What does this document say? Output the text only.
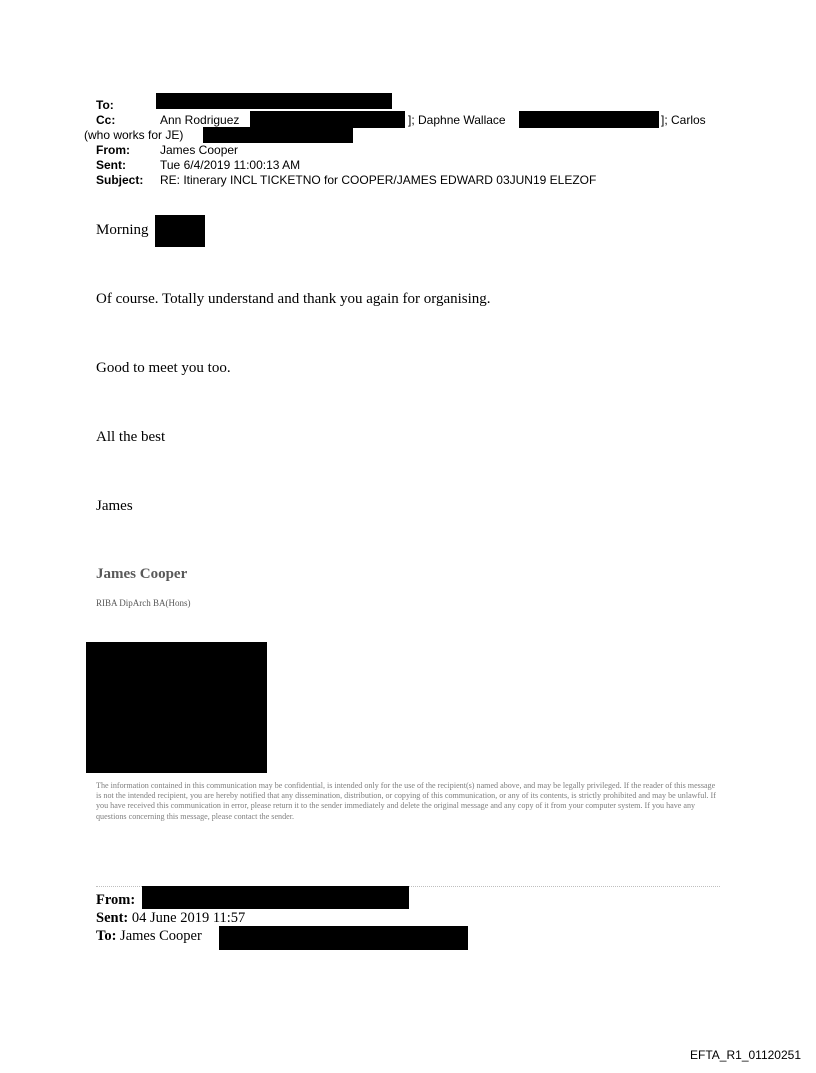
To:
Cc:	Ann Rodriguez	]; Daphne Wallace	]; Carlos
(who works for JE)
From:	James Cooper
Sent:	Tue 6/4/2019 11:00:13 AM
Subject: RE: Itinerary INCL TICKETNO for COOPER/JAMES EDWARD 03JUN19 ELEZOF
Morning
Of course. Totally understand and thank you again for organising.
Good to meet you too.
All the best
James
James Cooper
RIBA DipArch BA(Hons)
The information contained in this communication may be confidential, is intended only for the use of the recipient(s) named above, and may be legally privileged. If the reader of this message is not the intended recipient, you are hereby notified that any dissemination, distribution, or copying of this communication, or any of its contents, is strictly prohibited and may be unlawful. If you have received this communication in error, please return it to the sender immediately and delete the original message and any copy of it from your computer system. If you have any questions concerning this message, please contact the sender.
From:
Sent: 04 June 2019 11:57
To: James Cooper
EFTA_R1_01120251
